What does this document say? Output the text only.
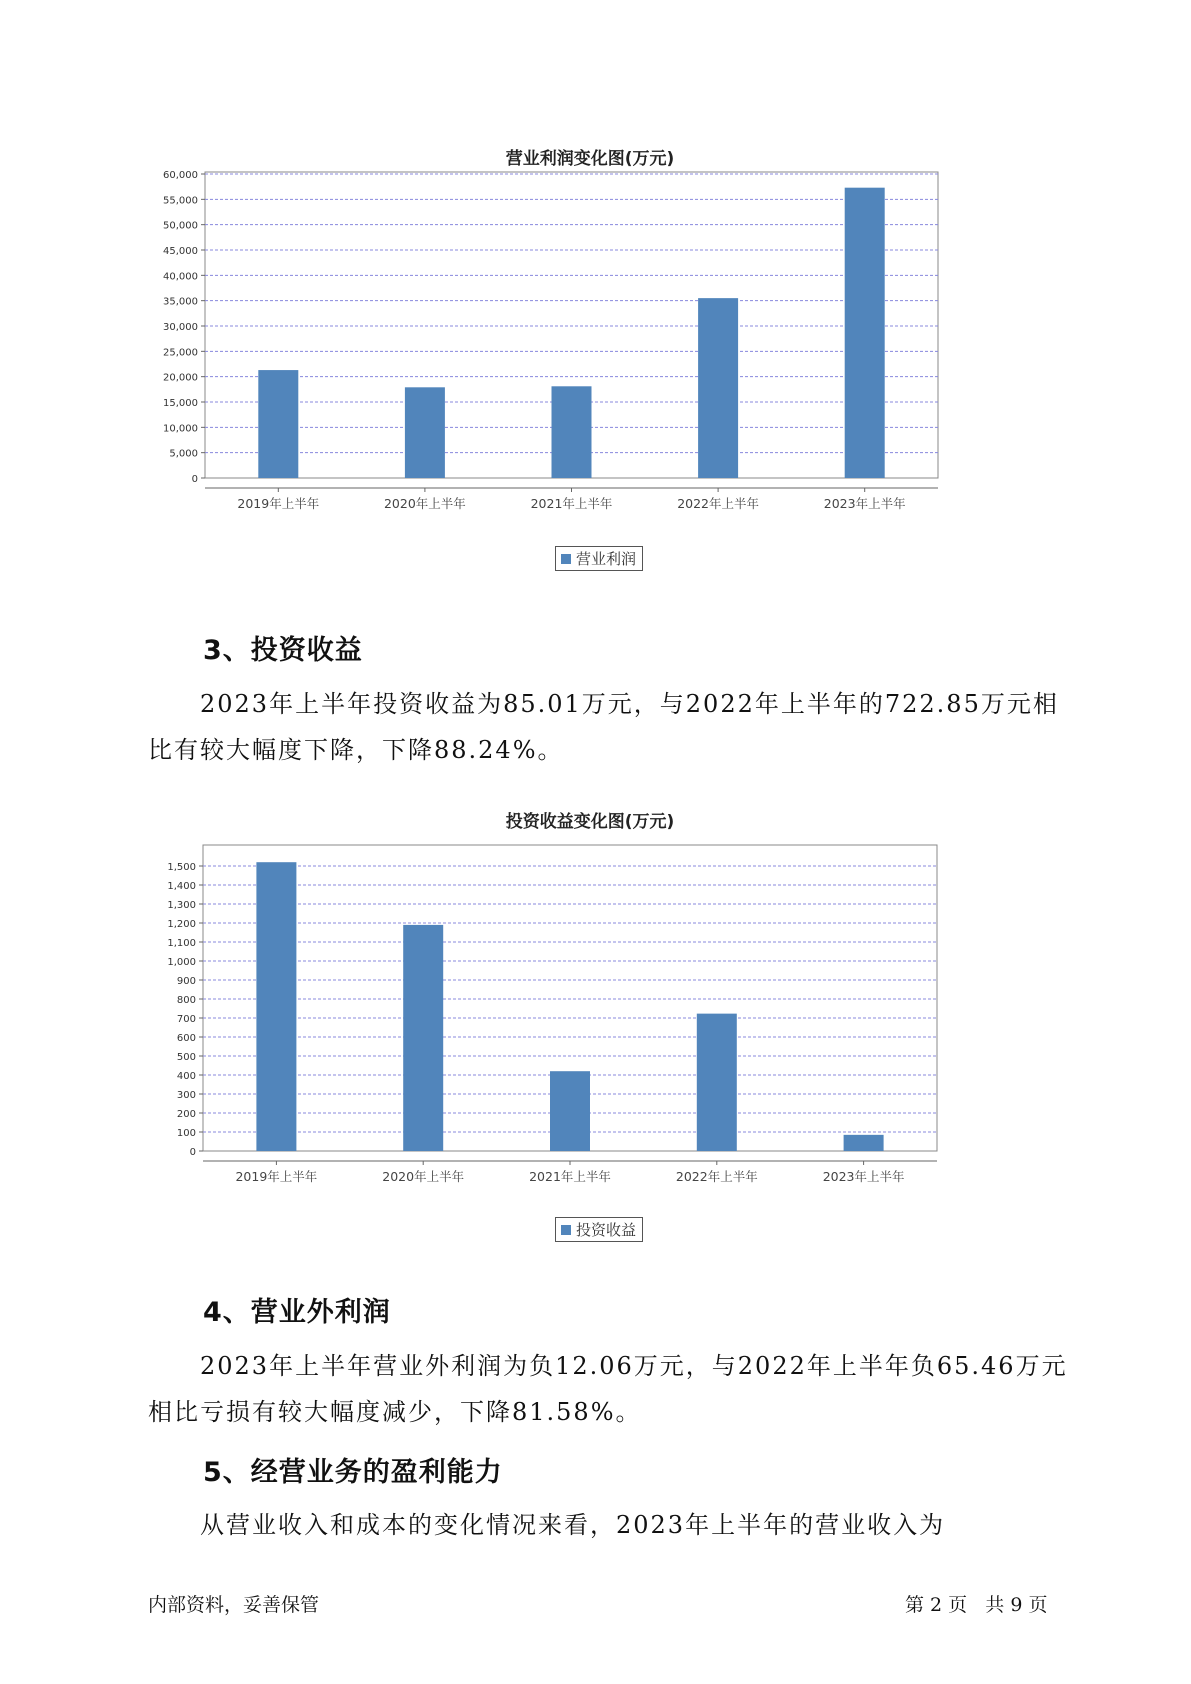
营业利润变化图(万元)
0
5,000
10,000
15,000
20,000
25,000
30,000
35,000
40,000
45,000
50,000
55,000
60,000
2019年上半年	2020年上半年	2021年上半年	2022年上半年	2023年上半年
营业利润
3、投资收益
2023年上半年投资收益为85.01万元，与2022年上半年的722.85万元相比有较大幅度下降，下降88.24%。
投资收益变化图(万元)
0
100
200
300
400
500
600
700
800
900
1,000
1,100
1,200
1,300
1,400
1,500
2019年上半年	2020年上半年	2021年上半年	2022年上半年	2023年上半年
投资收益
4、营业外利润
2023年上半年营业外利润为负12.06万元，与2022年上半年负65.46万元相比亏损有较大幅度减少，下降81.58%。
5、经营业务的盈利能力
从营业收入和成本的变化情况来看，2023年上半年的营业收入为
内部资料，妥善保管	第 2 页   共 9 页
